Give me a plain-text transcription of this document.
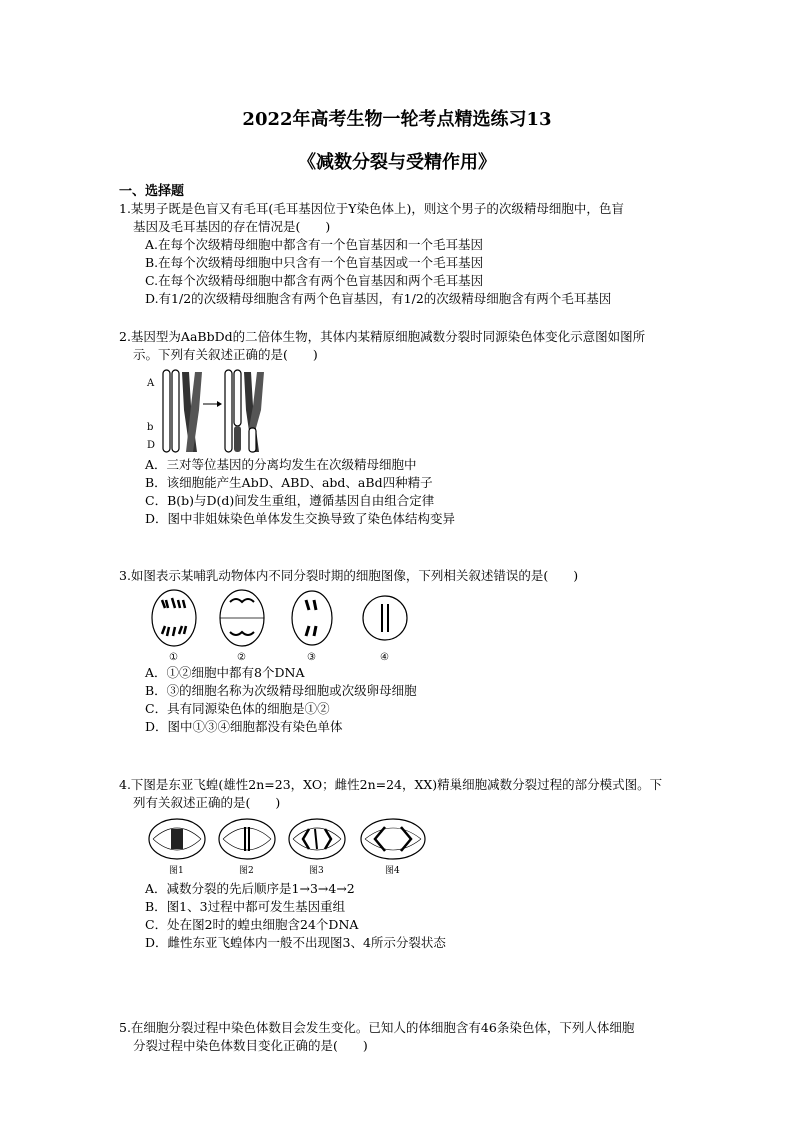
2022年高考生物一轮考点精选练习13
《减数分裂与受精作用》
一、选择题
1.某男子既是色盲又有毛耳(毛耳基因位于Y染色体上)，则这个男子的次级精母细胞中，色盲
基因及毛耳基因的存在情况是(　　)
A.在每个次级精母细胞中都含有一个色盲基因和一个毛耳基因
B.在每个次级精母细胞中只含有一个色盲基因或一个毛耳基因
C.在每个次级精母细胞中都含有两个色盲基因和两个毛耳基因
D.有1/2的次级精母细胞含有两个色盲基因，有1/2的次级精母细胞含有两个毛耳基因
2.基因型为AaBbDd的二倍体生物，其体内某精原细胞减数分裂时同源染色体变化示意图如图所
示。下列有关叙述正确的是(　　)
A
b
D
A．三对等位基因的分离均发生在次级精母细胞中
B．该细胞能产生AbD、ABD、abd、aBd四种精子
C．B(b)与D(d)间发生重组，遵循基因自由组合定律
D．图中非姐妹染色单体发生交换导致了染色体结构变异
3.如图表示某哺乳动物体内不同分裂时期的细胞图像，下列相关叙述错误的是(　　)
①	②	③	④
A．①②细胞中都有8个DNA
B．③的细胞名称为次级精母细胞或次级卵母细胞
C．具有同源染色体的细胞是①②
D．图中①③④细胞都没有染色单体
4.下图是东亚飞蝗(雄性2n=23，XO；雌性2n=24，XX)精巢细胞减数分裂过程的部分模式图。下
列有关叙述正确的是(　　)
图1	图2	图3	图4
A．减数分裂的先后顺序是1→3→4→2
B．图1、3过程中都可发生基因重组
C．处在图2时的蝗虫细胞含24个DNA
D．雌性东亚飞蝗体内一般不出现图3、4所示分裂状态
5.在细胞分裂过程中染色体数目会发生变化。已知人的体细胞含有46条染色体，下列人体细胞
分裂过程中染色体数目变化正确的是(　　)
